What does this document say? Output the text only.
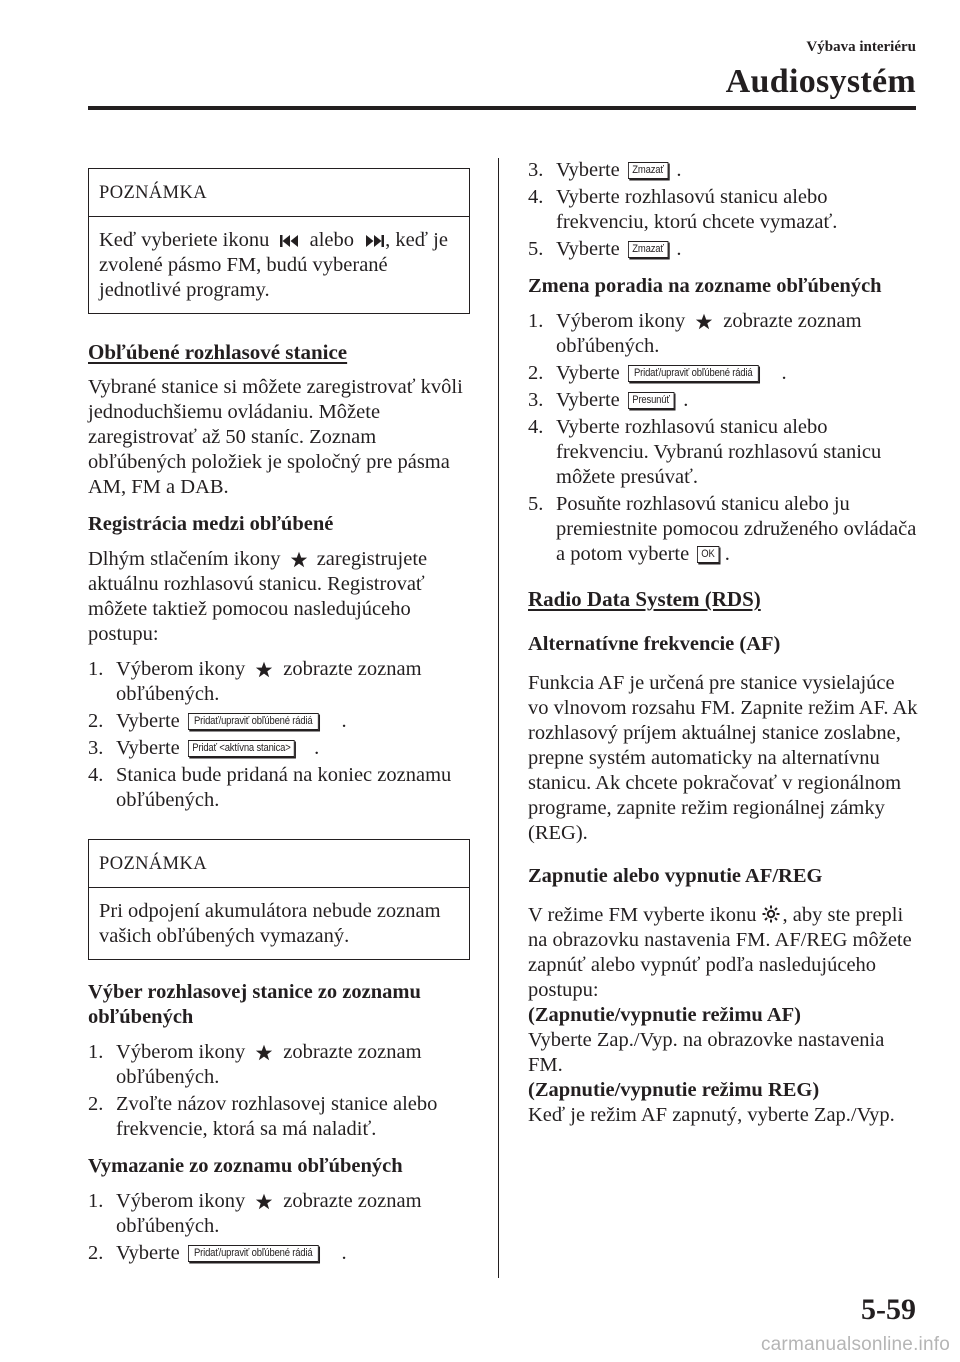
Výbava interiéru
Audiosystém
POZNÁMKA
Keď vyberiete ikonu alebo , keď je zvolené pásmo FM, budú vyberané jednotlivé programy.
Obľúbené rozhlasové stanice

Vybrané stanice si môžete zaregistrovať kvôli jednoduchšiemu ovládaniu. Môžete zaregistrovať až 50 staníc. Zoznam obľúbených položiek je spoločný pre pásma AM, FM a DAB.

Registrácia medzi obľúbené

Dlhým stlačením ikony zaregistrujete aktuálnu rozhlasovú stanicu. Registrovať môžete taktiež pomocou nasledujúceho postupu:

1. Výberom ikony zobrazte zoznam obľúbených.
2. Vyberte Pridať/upraviť obľúbené rádiá .
3. Vyberte Pridať <aktívna stanica> .
4. Stanica bude pridaná na koniec zoznamu obľúbených.
POZNÁMKA
Pri odpojení akumulátora nebude zoznam vašich obľúbených vymazaný.
Výber rozhlasovej stanice zo zoznamu obľúbených
1. Výberom ikony zobrazte zoznam obľúbených.
2. Zvoľte názov rozhlasovej stanice alebo frekvencie, ktorá sa má naladiť.
Vymazanie zo zoznamu obľúbených
1. Výberom ikony zobrazte zoznam obľúbených.
2. Vyberte Pridať/upraviť obľúbené rádiá .
3. Vyberte Zmazať .
4. Vyberte rozhlasovú stanicu alebo frekvenciu, ktorú chcete vymazať.
5. Vyberte Zmazať .
Zmena poradia na zozname obľúbených
1. Výberom ikony zobrazte zoznam obľúbených.
2. Vyberte Pridať/upraviť obľúbené rádiá .
3. Vyberte Presunúť .
4. Vyberte rozhlasovú stanicu alebo frekvenciu. Vybranú rozhlasovú stanicu môžete presúvať.
5. Posuňte rozhlasovú stanicu alebo ju premiestnite pomocou združeného ovládača a potom vyberte OK .
Radio Data System (RDS)
Alternatívne frekvencie (AF)

Funkcia AF je určená pre stanice vysielajúce vo vlnovom rozsahu FM. Zapnite režim AF. Ak rozhlasový príjem aktuálnej stanice zoslabne, prepne systém automaticky na alternatívnu stanicu. Ak chcete pokračovať v regionálnom programe, zapnite režim regionálnej zámky (REG).

Zapnutie alebo vypnutie AF/REG

V režime FM vyberte ikonu , aby ste prepli na obrazovku nastavenia FM. AF/REG môžete zapnúť alebo vypnúť podľa nasledujúceho postupu:

(Zapnutie/vypnutie režimu AF)
Vyberte Zap./Vyp. na obrazovke nastavenia FM.
(Zapnutie/vypnutie režimu REG)
Keď je režim AF zapnutý, vyberte Zap./Vyp.
5-59
carmanualsonline.info
